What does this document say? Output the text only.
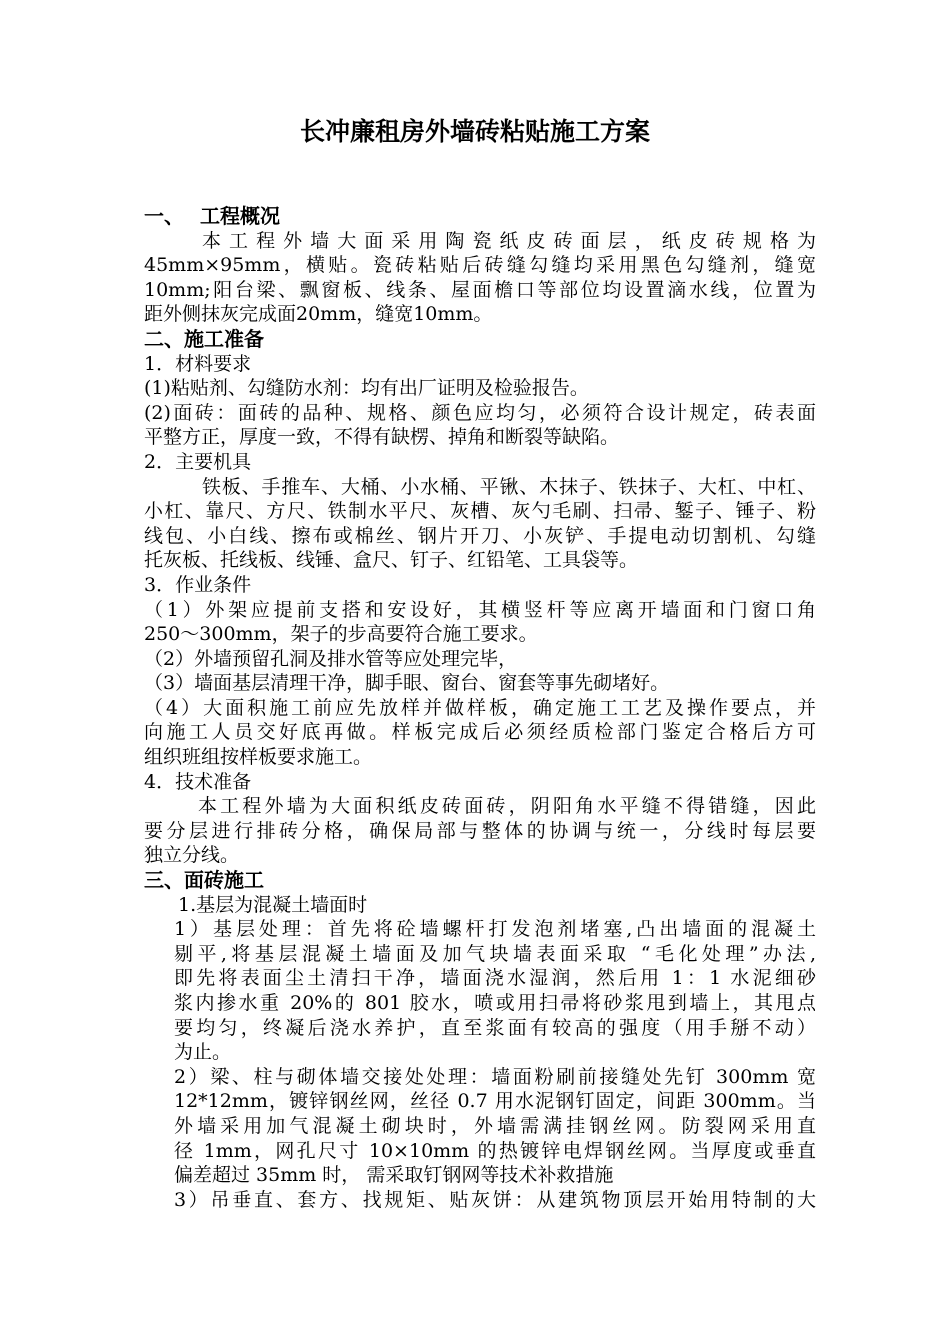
长冲廉租房外墙砖粘贴施工方案
一、 工程概况
本工程外墙大面采用陶瓷纸皮砖面层，纸皮砖规格为
45mm×95mm，横贴。瓷砖粘贴后砖缝勾缝均采用黑色勾缝剂，缝宽
10mm;阳台梁、飘窗板、线条、屋面檐口等部位均设置滴水线，位置为
距外侧抹灰完成面20mm，缝宽10mm。
二、施工准备
1．材料要求
(1)粘贴剂、勾缝防水剂：均有出厂证明及检验报告。
(2)面砖：面砖的品种、规格、颜色应均匀，必须符合设计规定，砖表面
平整方正，厚度一致，不得有缺楞、掉角和断裂等缺陷。
2．主要机具
铁板、手推车、大桶、小水桶、平锹、木抹子、铁抹子、大杠、中杠、
小杠、靠尺、方尺、铁制水平尺、灰槽、灰勺毛刷、扫帚、錾子、锤子、粉
线包、小白线、擦布或棉丝、钢片开刀、小灰铲、手提电动切割机、勾缝
托灰板、托线板、线锤、盒尺、钉子、红铅笔、工具袋等。
3．作业条件
（1）外架应提前支搭和安设好，其横竖杆等应离开墙面和门窗口角
250～300mm，架子的步高要符合施工要求。
（2）外墙预留孔洞及排水管等应处理完毕，
（3）墙面基层清理干净，脚手眼、窗台、窗套等事先砌堵好。
（4）大面积施工前应先放样并做样板，确定施工工艺及操作要点，并
向施工人员交好底再做。样板完成后必须经质检部门鉴定合格后方可
组织班组按样板要求施工。
4．技术准备
本工程外墙为大面积纸皮砖面砖，阴阳角水平缝不得错缝，因此
要分层进行排砖分格，确保局部与整体的协调与统一，分线时每层要
独立分线。
三、面砖施工
1.基层为混凝土墙面时
1）基层处理：首先将砼墙螺杆打发泡剂堵塞,凸出墙面的混凝土
剔平,将基层混凝土墙面及加气块墙表面采取 “毛化处理”办法,
即先将表面尘土清扫干净，墙面浇水湿润，然后用 1：1 水泥细砂
浆内掺水重 20%的 801 胶水，喷或用扫帚将砂浆甩到墙上，其甩点
要均匀，终凝后浇水养护，直至浆面有较高的强度（用手掰不动）
为止。
2）梁、柱与砌体墙交接处处理：墙面粉刷前接缝处先钉 300mm 宽
12*12mm，镀锌钢丝网，丝径 0.7 用水泥钢钉固定，间距 300mm。当
外墙采用加气混凝土砌块时，外墙需满挂钢丝网。防裂网采用直
径 1mm，网孔尺寸 10×10mm 的热镀锌电焊钢丝网。当厚度或垂直
偏差超过 35mm 时， 需采取钉钢网等技术补救措施
3）吊垂直、套方、找规矩、贴灰饼：从建筑物顶层开始用特制的大
